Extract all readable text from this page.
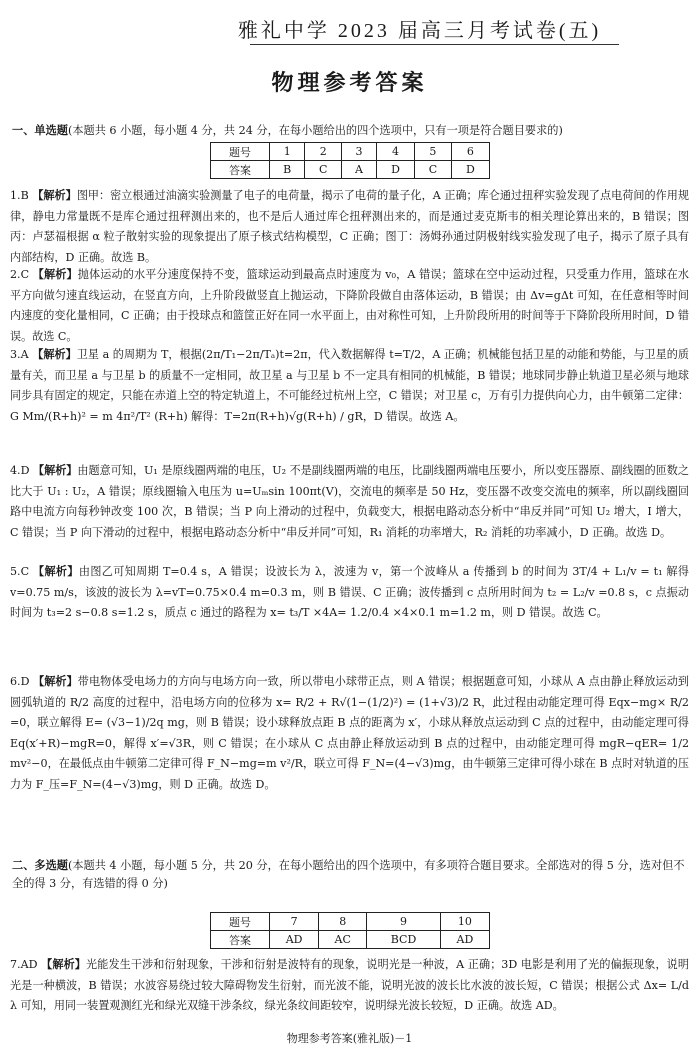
雅礼中学 2023 届高三月考试卷(五)
物理参考答案
一、单选题(本题共 6 小题，每小题 4 分，共 24 分，在每小题给出的四个选项中，只有一项是符合题目要求的)
题号	1	2	3	4	5	6
答案	B	C	A	D	C	D
1.B 【解析】图甲：密立根通过油滴实验测量了电子的电荷量，揭示了电荷的量子化，A 正确；库仑通过扭秤实验发现了点电荷间的作用规律，静电力常量既不是库仑通过扭秤测出来的，也不是后人通过库仑扭秤测出来的，而是通过麦克斯韦的相关理论算出来的，B 错误；图丙：卢瑟福根据 α 粒子散射实验的现象提出了原子核式结构模型，C 正确；图丁：汤姆孙通过阴极射线实验发现了电子，揭示了原子具有内部结构，D 正确。故选 B。
2.C 【解析】抛体运动的水平分速度保持不变，篮球运动到最高点时速度为 v₀，A 错误；篮球在空中运动过程，只受重力作用，篮球在水平方向做匀速直线运动，在竖直方向，上升阶段做竖直上抛运动，下降阶段做自由落体运动，B 错误；由 Δv=gΔt 可知，在任意相等时间内速度的变化量相同，C 正确；由于投球点和篮筐正好在同一水平面上，由对称性可知，上升阶段所用的时间等于下降阶段所用时间，D 错误。故选 C。
3.A 【解析】卫星 a 的周期为 T，根据(2π/T₁−2π/Tₐ)t=2π，代入数据解得 t=T/2，A 正确；机械能包括卫星的动能和势能，与卫星的质量有关，而卫星 a 与卫星 b 的质量不一定相同，故卫星 a 与卫星 b 不一定具有相同的机械能，B 错误；地球同步静止轨道卫星必须与地球同步具有固定的规定，只能在赤道上空的特定轨道上，不可能经过杭州上空，C 错误；对卫星 c，万有引力提供向心力，由牛顿第二定律：G Mm/(R+h)² = m 4π²/T² (R+h) 解得：T=2π(R+h)√g(R+h) / gR，D 错误。故选 A。
4.D 【解析】由题意可知，U₁ 是原线圈两端的电压，U₂ 不是副线圈两端的电压，比副线圈两端电压要小，所以变压器原、副线圈的匝数之比大于 U₁ : U₂，A 错误；原线圈输入电压为 u=Uₘsin 100πt(V)，交流电的频率是 50 Hz，变压器不改变交流电的频率，所以副线圈回路中电流方向每秒钟改变 100 次，B 错误；当 P 向上滑动的过程中，负载变大，根据电路动态分析中“串反并同”可知 U₂ 增大，I 增大，C 错误；当 P 向下滑动的过程中，根据电路动态分析中“串反并同”可知，R₁ 消耗的功率增大，R₂ 消耗的功率减小，D 正确。故选 D。
5.C 【解析】由图乙可知周期 T=0.4 s，A 错误；设波长为 λ，波速为 v，第一个波峰从 a 传播到 b 的时间为 3T/4 + L₁/v = t₁ 解得 v=0.75 m/s，该波的波长为 λ=vT=0.75×0.4 m=0.3 m，则 B 错误、C 正确；波传播到 c 点所用时间为 t₂ = L₂/v =0.8 s，c 点振动时间为 t₃=2 s−0.8 s=1.2 s，质点 c 通过的路程为 x= t₃/T ×4A= 1.2/0.4 ×4×0.1 m=1.2 m，则 D 错误。故选 C。
6.D 【解析】带电物体受电场力的方向与电场方向一致，所以带电小球带正点，则 A 错误；根据题意可知，小球从 A 点由静止释放运动到圆弧轨道的 R/2 高度的过程中，沿电场方向的位移为 x= R/2 + R√(1−(1/2)²) = (1+√3)/2 R，此过程由动能定理可得 Eqx−mg× R/2 =0，联立解得 E= (√3−1)/2q mg，则 B 错误；设小球释放点距 B 点的距离为 x′，小球从释放点运动到 C 点的过程中，由动能定理可得 Eq(x′+R)−mgR=0，解得 x′=√3R，则 C 错误；在小球从 C 点由静止释放运动到 B 点的过程中，由动能定理可得 mgR−qER= 1/2 mv²−0，在最低点由牛顿第二定律可得 F_N−mg=m v²/R，联立可得 F_N=(4−√3)mg，由牛顿第三定律可得小球在 B 点时对轨道的压力为 F_压=F_N=(4−√3)mg，则 D 正确。故选 D。
二、多选题(本题共 4 小题，每小题 5 分，共 20 分，在每小题给出的四个选项中，有多项符合题目要求。全部选对的得 5 分，选对但不全的得 3 分，有选错的得 0 分)
题号	7	8	9	10
答案	AD	AC	BCD	AD
7.AD 【解析】光能发生干涉和衍射现象，干涉和衍射是波特有的现象，说明光是一种波，A 正确；3D 电影是利用了光的偏振现象，说明光是一种横波，B 错误；水波容易绕过较大障碍物发生衍射，而光波不能，说明光波的波长比水波的波长短，C 错误；根据公式 Δx= L/d λ 可知，用同一装置观测红光和绿光双缝干涉条纹，绿光条纹间距较窄，说明绿光波长较短，D 正确。故选 AD。
物理参考答案(雅礼版)－1
